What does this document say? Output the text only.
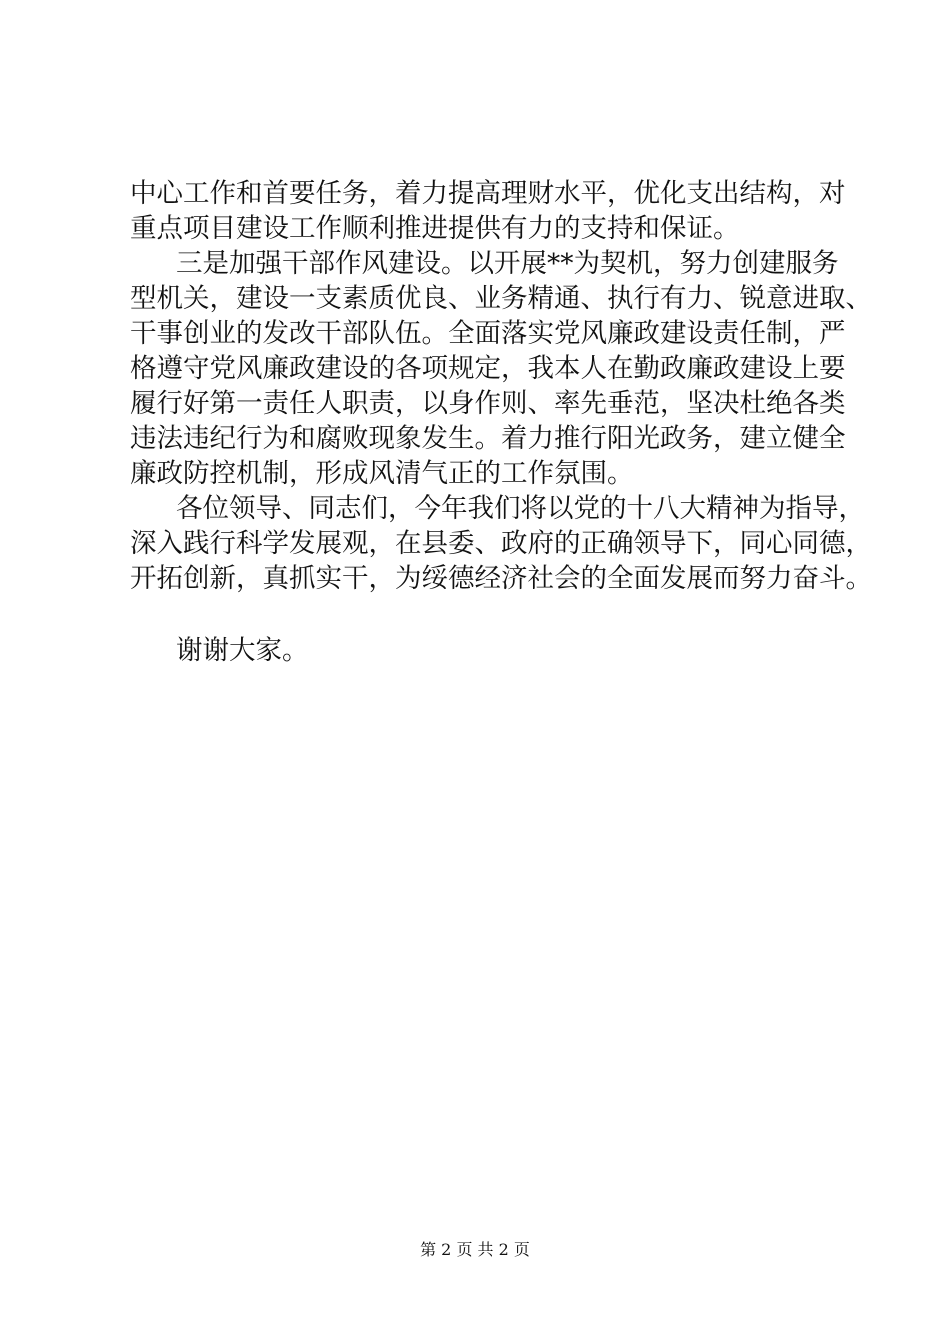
中心工作和首要任务，着力提高理财水平，优化支出结构，对
重点项目建设工作顺利推进提供有力的支持和保证。
三是加强干部作风建设。以开展**为契机，努力创建服务
型机关，建设一支素质优良、业务精通、执行有力、锐意进取、
干事创业的发改干部队伍。全面落实党风廉政建设责任制，严
格遵守党风廉政建设的各项规定，我本人在勤政廉政建设上要
履行好第一责任人职责，以身作则、率先垂范，坚决杜绝各类
违法违纪行为和腐败现象发生。着力推行阳光政务，建立健全
廉政防控机制，形成风清气正的工作氛围。
各位领导、同志们，今年我们将以党的十八大精神为指导，
深入践行科学发展观，在县委、政府的正确领导下，同心同德，
开拓创新，真抓实干，为绥德经济社会的全面发展而努力奋斗。
谢谢大家。
第 2 页 共 2 页
